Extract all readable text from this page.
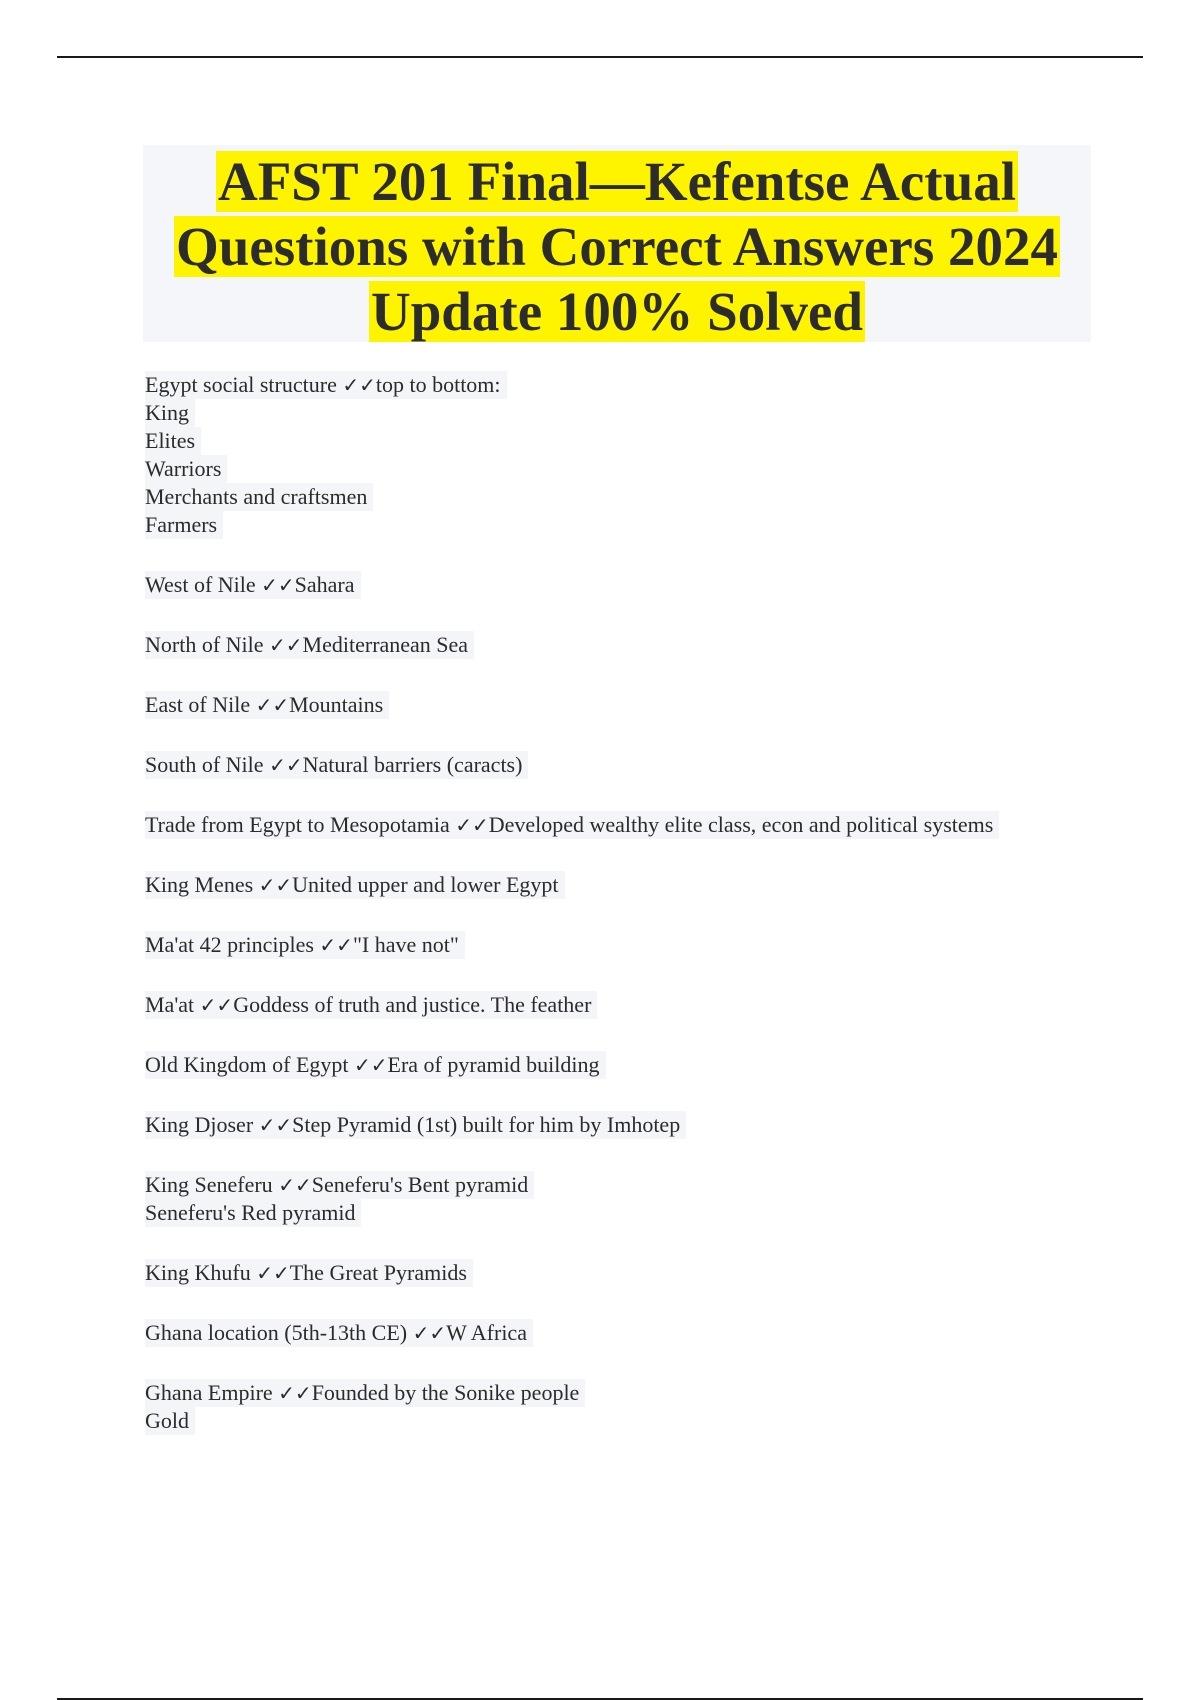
AFST 201 Final—Kefentse Actual
Questions with Correct Answers 2024
Update 100% Solved
Egypt social structure ✓✓top to bottom:
King
Elites
Warriors
Merchants and craftsmen
Farmers
West of Nile ✓✓Sahara
North of Nile ✓✓Mediterranean Sea
East of Nile ✓✓Mountains
South of Nile ✓✓Natural barriers (caracts)
Trade from Egypt to Mesopotamia ✓✓Developed wealthy elite class, econ and political systems
King Menes ✓✓United upper and lower Egypt
Ma'at 42 principles ✓✓"I have not"
Ma'at ✓✓Goddess of truth and justice. The feather
Old Kingdom of Egypt ✓✓Era of pyramid building
King Djoser ✓✓Step Pyramid (1st) built for him by Imhotep
King Seneferu ✓✓Seneferu's Bent pyramid
Seneferu's Red pyramid
King Khufu ✓✓The Great Pyramids
Ghana location (5th-13th CE) ✓✓W Africa
Ghana Empire ✓✓Founded by the Sonike people
Gold
